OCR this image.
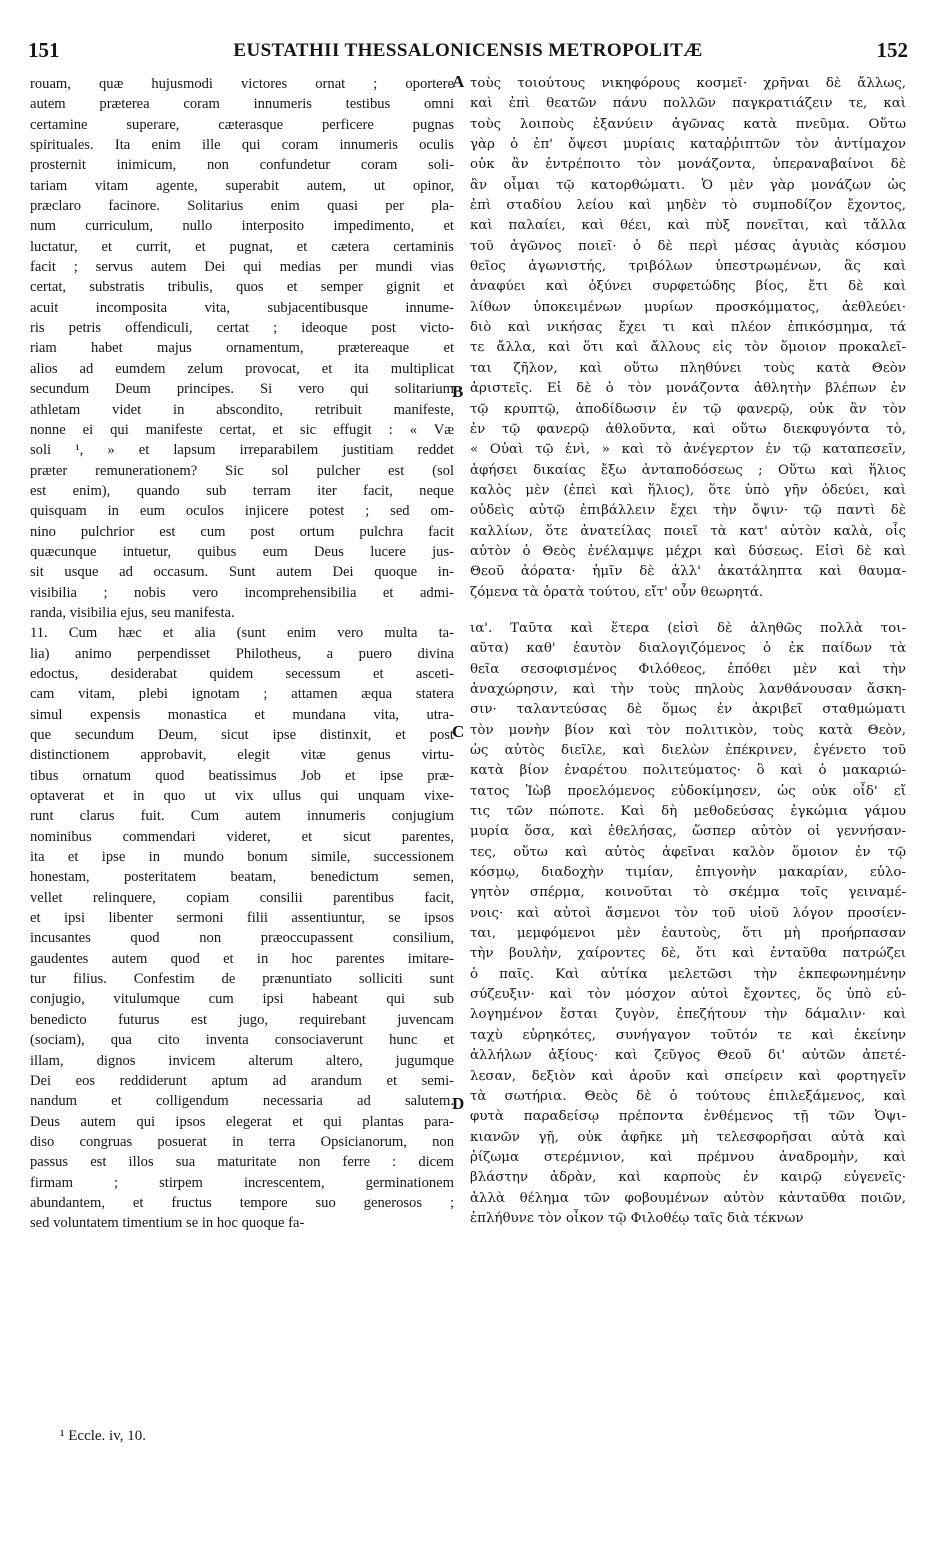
151	EUSTATHII THESSALONICENSIS METROPOLITÆ	152
rouam, quæ hujusmodi victores ornat ; oportere
autem præterea coram innumeris testibus omni
certamine superare, cæterasque perficere pugnas
spirituales. Ita enim ille qui coram innumeris oculis
prosternit inimicum, non confundetur coram soli-
tariam vitam agente, superabit autem, ut opinor,
præclaro facinore. Solitarius enim quasi per pla-
num curriculum, nullo interposito impedimento, et
luctatur, et currit, et pugnat, et cætera certaminis
facit ; servus autem Dei qui medias per mundi vias
certat, substratis tribulis, quos et semper gignit et
acuit incomposita vita, subjacentibusque innume-
ris petris offendiculi, certat ; ideoque post victo-
riam habet majus ornamentum, prætereaque et
alios ad eumdem zelum provocat, et ita multiplicat
secundum Deum principes. Si vero qui solitarium
athletam videt in abscondito, retribuit manifeste,
nonne ei qui manifeste certat, et sic effugit : « Væ
soli ¹, » et lapsum irreparabilem justitiam reddet
præter remunerationem? Sic sol pulcher est (sol
est enim), quando sub terram iter facit, neque
quisquam in eum oculos injicere potest ; sed om-
nino pulchrior est cum post ortum pulchra facit
quæcunque intuetur, quibus eum Deus lucere jus-
sit usque ad occasum. Sunt autem Dei quoque in-
visibilia ; nobis vero incomprehensibilia et admi-
randa, visibilia ejus, seu manifesta.
11. Cum hæc et alia (sunt enim vero multa ta-
lia) animo perpendisset Philotheus, a puero divina
edoctus, desiderabat quidem secessum et asceti-
cam vitam, plebi ignotam ; attamen æqua statera
simul expensis monastica et mundana vita, utra-
que secundum Deum, sicut ipse distinxit, et post
distinctionem approbavit, elegit vitæ genus virtu-
tibus ornatum quod beatissimus Job et ipse præ-
optaverat et in quo ut vix ullus qui unquam vixe-
runt clarus fuit. Cum autem innumeris conjugium
nominibus commendari videret, et sicut parentes,
ita et ipse in mundo bonum simile, successionem
honestam, posteritatem beatam, benedictum semen,
vellet relinquere, copiam consilii parentibus facit,
et ipsi libenter sermoni filii assentiuntur, se ipsos
incusantes quod non præoccupassent consilium,
gaudentes autem quod et in hoc parentes imitare-
tur filius. Confestim de prænuntiato solliciti sunt
conjugio, vitulumque cum ipsi habeant qui sub
benedicto futurus est jugo, requirebant juvencam
(sociam), qua cito inventa consociaverunt hunc et
illam, dignos invicem alterum altero, jugumque
Dei eos reddiderunt aptum ad arandum et semi-
nandum et colligendum necessaria ad salutem.
Deus autem qui ipsos elegerat et qui plantas para-
diso congruas posuerat in terra Opsicianorum, non
passus est illos sua maturitate non ferre : dicem
firmam ; stirpem increscentem, germinationem
abundantem, et fructus tempore suo generosos ;
sed voluntatem timentium se in hoc quoque fa-
τοὺς τοιούτους νικηφόρους κοσμεῖ· χρῆναι δὲ ἄλλως,
καὶ ἐπὶ θεατῶν πάνυ πολλῶν παγκρατιάζειν τε, καὶ
τοὺς λοιποὺς ἐξανύειν ἀγῶνας κατὰ πνεῦμα. Οὕτω
γὰρ ὁ ἐπ' ὄψεσι μυρίαις καταῤῥιπτῶν τὸν ἀντίμαχον
οὐκ ἂν ἐντρέποιτο τὸν μονάζοντα, ὑπεραναβαίνοι δὲ
ἂν οἶμαι τῷ κατορθώματι. Ὁ μὲν γὰρ μονάζων ὡς
ἐπὶ σταδίου λείου καὶ μηδὲν τὸ συμποδίζον ἔχοντος,
καὶ παλαίει, καὶ θέει, καὶ πὺξ πονεῖται, καὶ τἄλλα
τοῦ ἀγῶνος ποιεῖ· ὁ δὲ περὶ μέσας ἀγυιὰς κόσμου
θεῖος ἀγωνιστής, τριβόλων ὑπεστρωμένων, ἃς καὶ
ἀναφύει καὶ ὀξύνει συρφετώδης βίος, ἔτι δὲ καὶ
λίθων ὑποκειμένων μυρίων προσκόμματος, ἀεθλεύει·
διὸ καὶ νικήσας ἔχει τι καὶ πλέον ἐπικόσμημα, τά
τε ἄλλα, καὶ ὅτι καὶ ἄλλους εἰς τὸν ὅμοιον προκαλεῖ-
ται ζῆλον, καὶ οὕτω πληθύνει τοὺς κατὰ Θεὸν
ἀριστεῖς. Εἰ δὲ ὁ τὸν μονάζοντα ἀθλητὴν βλέπων ἐν
τῷ κρυπτῷ, ἀποδίδωσιν ἐν τῷ φανερῷ, οὐκ ἂν τὸν
ἐν τῷ φανερῷ ἀθλοῦντα, καὶ οὕτω διεκφυγόντα τὸ,
« Οὐαὶ τῷ ἑνὶ, » καὶ τὸ ἀνέγερτον ἐν τῷ καταπεσεῖν,
ἀφήσει δικαίας ἔξω ἀνταποδόσεως ; Οὕτω καὶ ἥλιος
καλὸς μὲν (ἐπεὶ καὶ ἥλιος), ὅτε ὑπὸ γῆν ὁδεύει, καὶ
οὐδεὶς αὐτῷ ἐπιβάλλειν ἔχει τὴν ὄψιν· τῷ παντὶ δὲ
καλλίων, ὅτε ἀνατείλας ποιεῖ τὰ κατ' αὐτὸν καλὰ, οἷς
αὐτὸν ὁ Θεὸς ἐνέλαμψε μέχρι καὶ δύσεως. Εἰσὶ δὲ καὶ
Θεοῦ ἀόρατα· ἡμῖν δὲ ἀλλ' ἀκατάληπτα καὶ θαυμα-
ζόμενα τὰ ὁρατὰ τούτου, εἴτ' οὖν θεωρητά.
ια'. Ταῦτα καὶ ἕτερα (εἰσὶ δὲ ἀληθῶς πολλὰ τοι-
αῦτα) καθ' ἑαυτὸν διαλογιζόμενος ὁ ἐκ παίδων τὰ
θεῖα σεσοφισμένος Φιλόθεος, ἐπόθει μὲν καὶ τὴν
ἀναχώρησιν, καὶ τὴν τοὺς πηλοὺς λανθάνουσαν ἄσκη-
σιν· ταλαντεύσας δὲ ὅμως ἐν ἀκριβεῖ σταθμώματι
τὸν μονὴν βίον καὶ τὸν πολιτικὸν, τοὺς κατὰ Θεὸν,
ὡς αὐτὸς διεῖλε, καὶ διελὼν ἐπέκρινεν, ἐγένετο τοῦ
κατὰ βίον ἐναρέτου πολιτεύματος· ὃ καὶ ὁ μακαριώ-
τατος Ἰὼβ προελόμενος εὐδοκίμησεν, ὡς οὐκ οἶδ' εἴ
τις τῶν πώποτε. Καὶ δὴ μεθοδεύσας ἐγκώμια γάμου
μυρία ὅσα, καὶ ἐθελήσας, ὥσπερ αὐτὸν οἱ γεννήσαν-
τες, οὕτω καὶ αὐτὸς ἀφεῖναι καλὸν ὅμοιον ἐν τῷ
κόσμῳ, διαδοχὴν τιμίαν, ἐπιγονὴν μακαρίαν, εὐλο-
γητὸν σπέρμα, κοινοῦται τὸ σκέμμα τοῖς γειναμέ-
νοις· καὶ αὐτοὶ ἄσμενοι τὸν τοῦ υἱοῦ λόγον προσίεν-
ται, μεμφόμενοι μὲν ἑαυτοὺς, ὅτι μὴ προήρπασαν
τὴν βουλὴν, χαίροντες δὲ, ὅτι καὶ ἐνταῦθα πατρώζει
ὁ παῖς. Καὶ αὐτίκα μελετῶσι τὴν ἐκπεφωνημένην
σύζευξιν· καὶ τὸν μόσχον αὐτοὶ ἔχοντες, ὅς ὑπὸ εὐ-
λογημένον ἔσται ζυγὸν, ἐπεζήτουν τὴν δάμαλιν· καὶ
ταχὺ εὑρηκότες, συνήγαγον τοῦτόν τε καὶ ἐκείνην
ἀλλήλων ἀξίους· καὶ ζεῦγος Θεοῦ δι' αὐτῶν ἀπετέ-
λεσαν, δεξιὸν καὶ ἀροῦν καὶ σπείρειν καὶ φορτηγεῖν
τὰ σωτήρια. Θεὸς δὲ ὁ τούτους ἐπιλεξάμενος, καὶ
φυτὰ παραδείσῳ πρέποντα ἐνθέμενος τῇ τῶν Ὀψι-
κιανῶν γῇ, οὐκ ἀφῆκε μὴ τελεσφορῆσαι αὐτὰ καὶ
ῥίζωμα στερέμνιον, καὶ πρέμνου ἀναδρομὴν, καὶ
βλάστην ἀδρὰν, καὶ καρποὺς ἐν καιρῷ εὐγενεῖς·
ἀλλὰ θέλημα τῶν φοβουμένων αὐτὸν κἀνταῦθα ποιῶν,
ἐπλήθυνε τὸν οἶκον τῷ Φιλοθέῳ ταῖς διὰ τέκνων
A
B
C
D
¹ Eccle. iv, 10.
